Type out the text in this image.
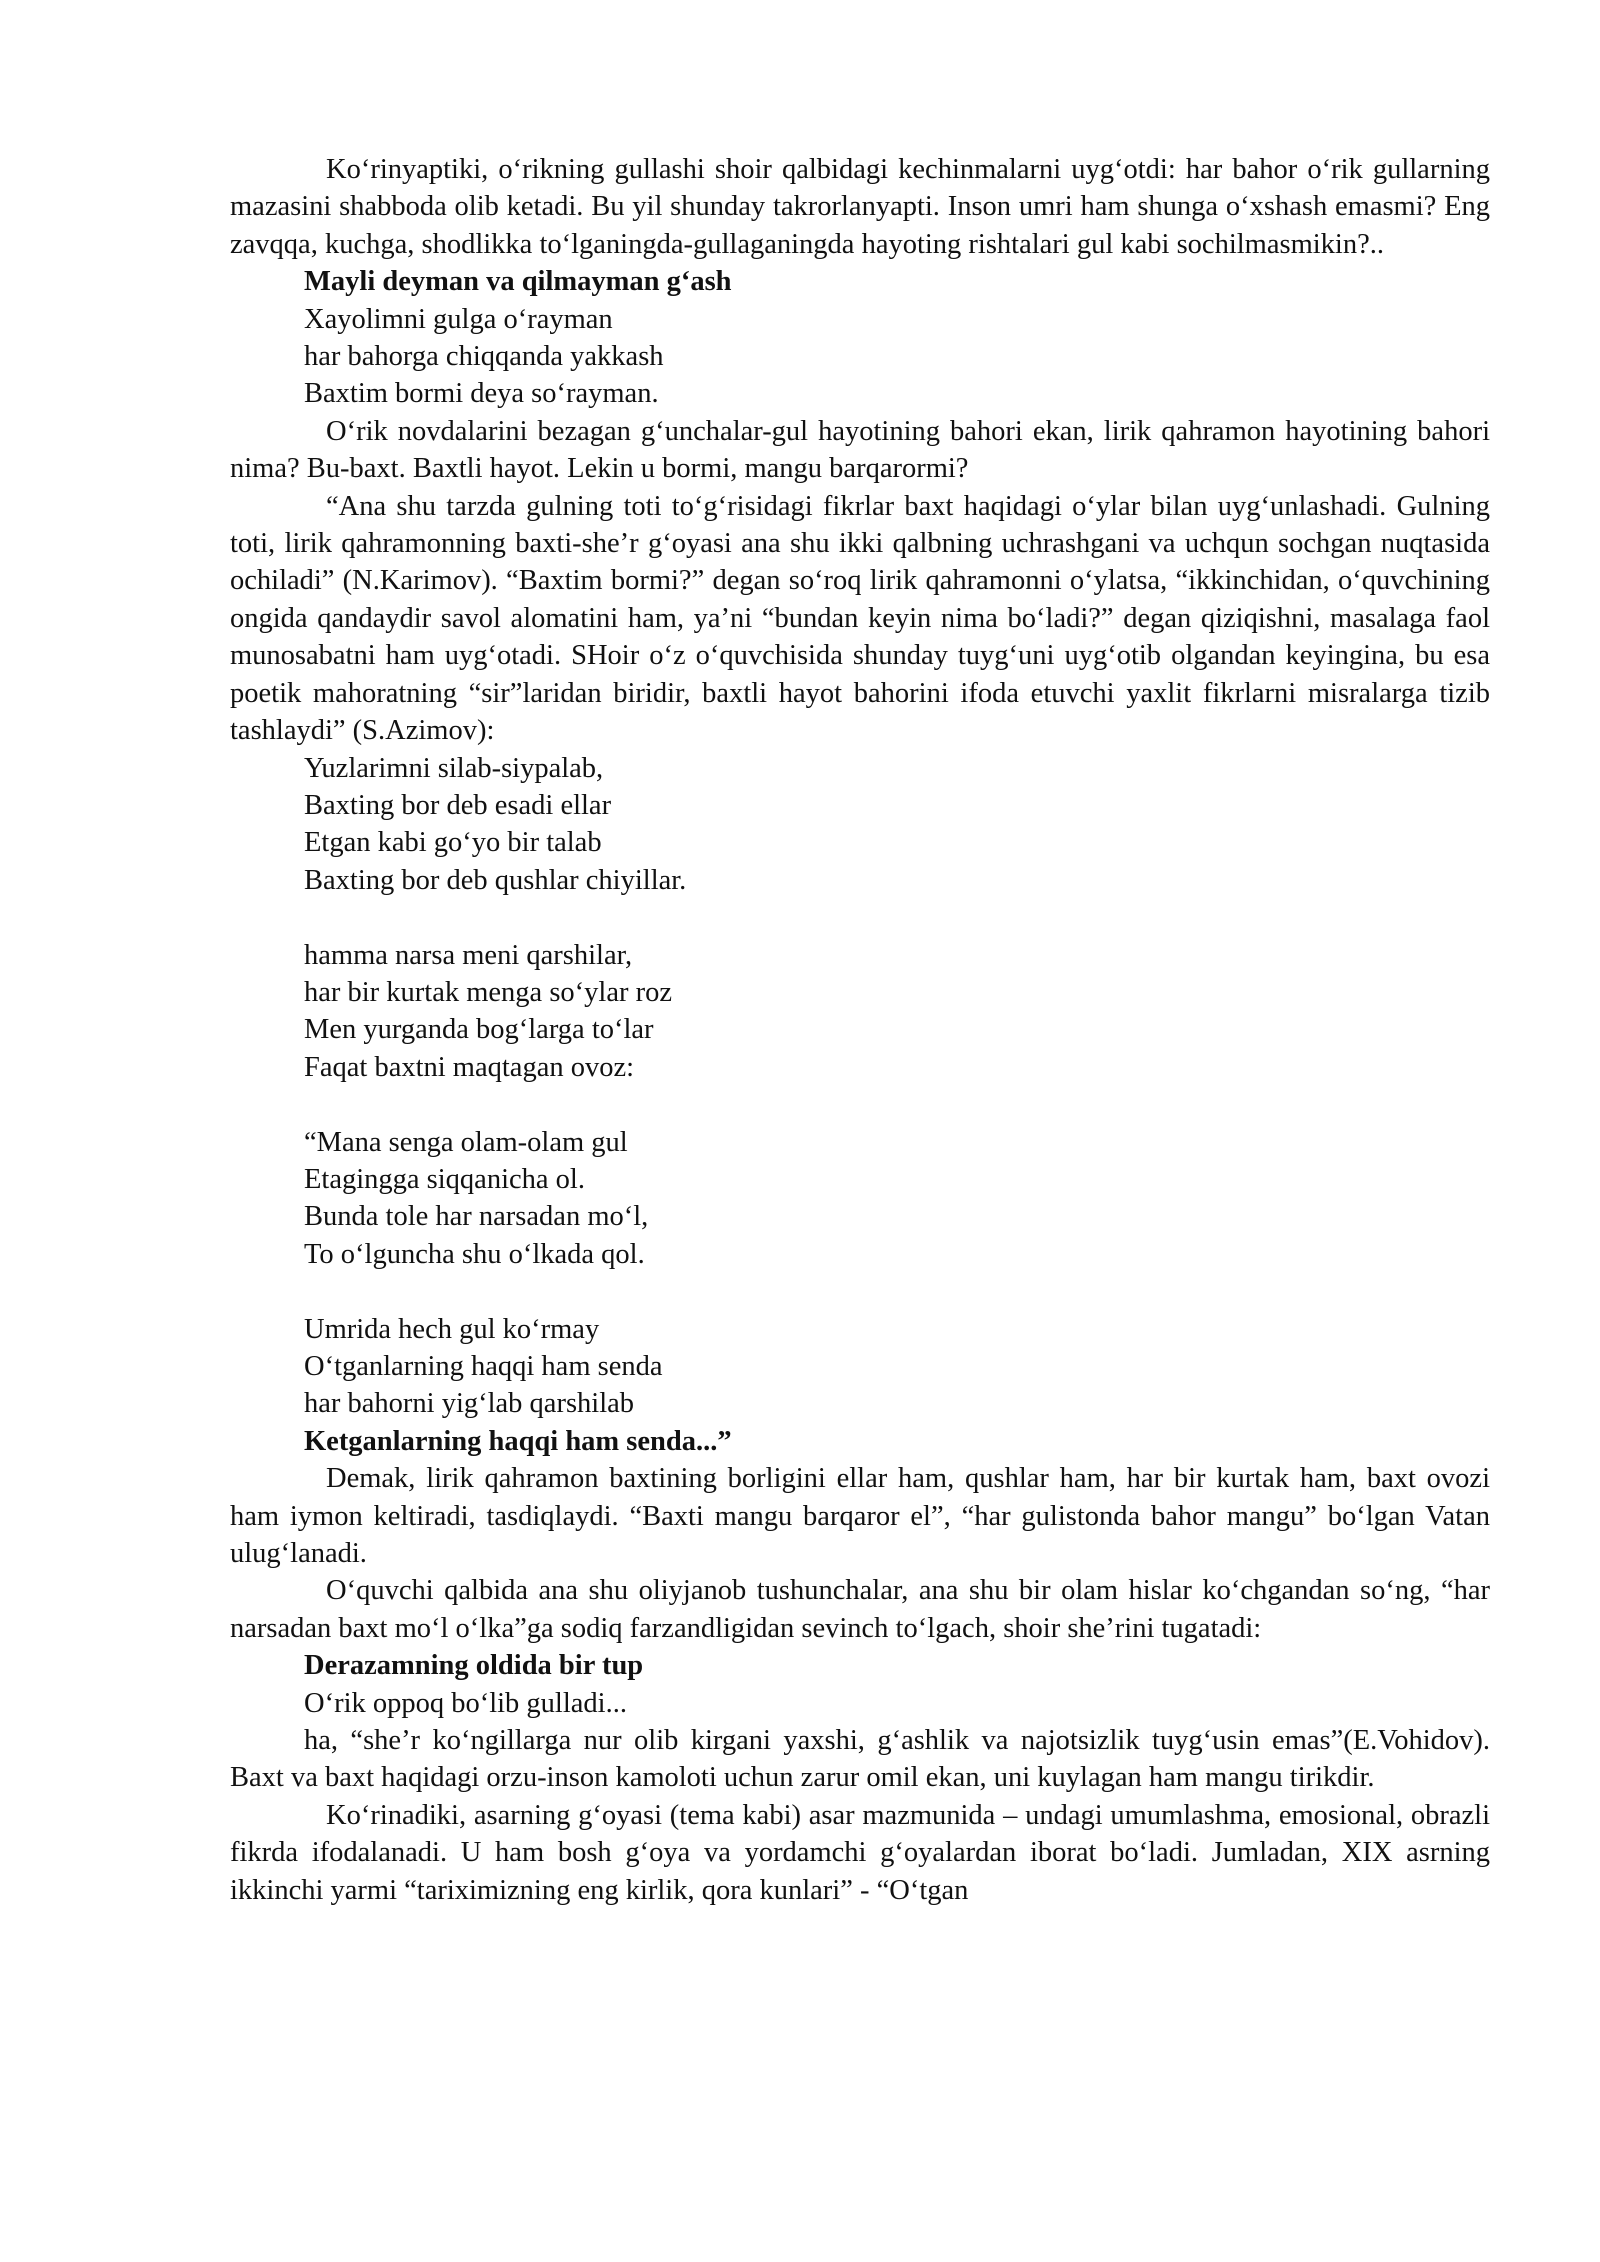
Ko‘rinyaptiki, o‘rikning gullashi shoir qalbidagi kechinmalarni uyg‘otdi: har bahor o‘rik gullarning mazasini shabboda olib ketadi. Bu yil shunday takrorlanyapti. Inson umri ham shunga o‘xshash emasmi? Eng zavqqa, kuchga, shodlikka to‘lganingda-gullaganingda hayoting rishtalari gul kabi sochilmasmikin?..

Mayli deyman va qilmayman g‘ash
Xayolimni gulga o‘rayman
har bahorga chiqqanda yakkash
Baxtim bormi deya so‘rayman.

O‘rik novdalarini bezagan g‘unchalar-gul hayotining bahori ekan, lirik qahramon hayotining bahori nima? Bu-baxt. Baxtli hayot. Lekin u bormi, mangu barqarormi?

“Ana shu tarzda gulning toti to‘g‘risidagi fikrlar baxt haqidagi o‘ylar bilan uyg‘unlashadi. Gulning toti, lirik qahramonning baxti-she’r g‘oyasi ana shu ikki qalbning uchrashgani va uchqun sochgan nuqtasida ochiladi” (N.Karimov). “Baxtim bormi?” degan so‘roq lirik qahramonni o‘ylatsa, “ikkinchidan, o‘quvchining ongida qandaydir savol alomatini ham, ya’ni “bundan keyin nima bo‘ladi?” degan qiziqishni, masalaga faol munosabatni ham uyg‘otadi. SHoir o‘z o‘quvchisida shunday tuyg‘uni uyg‘otib olgandan keyingina, bu esa poetik mahoratning “sir”laridan biridir, baxtli hayot bahorini ifoda etuvchi yaxlit fikrlarni misralarga tizib tashlaydi” (S.Azimov):

Yuzlarimni silab-siypalab,
Baxting bor deb esadi ellar
Etgan kabi go‘yo bir talab
Baxting bor deb qushlar chiyillar.
hamma narsa meni qarshilar,
har bir kurtak menga so‘ylar roz
Men yurganda bog‘larga to‘lar
Faqat baxtni maqtagan ovoz:
“Mana senga olam-olam gul
Etagingga siqqanicha ol.
Bunda tole har narsadan mo‘l,
To o‘lguncha shu o‘lkada qol.
Umrida hech gul ko‘rmay
O‘tganlarning haqqi ham senda
har bahorni yig‘lab qarshilab
Ketganlarning haqqi ham senda...”

Demak, lirik qahramon baxtining borligini ellar ham, qushlar ham, har bir kurtak ham, baxt ovozi ham iymon keltiradi, tasdiqlaydi. “Baxti mangu barqaror el”, “har gulistonda bahor mangu” bo‘lgan Vatan ulug‘lanadi.

O‘quvchi qalbida ana shu oliyjanob tushunchalar, ana shu bir olam hislar ko‘chgandan so‘ng, “har narsadan baxt mo‘l o‘lka”ga sodiq farzandligidan sevinch to‘lgach, shoir she’rini tugatadi:

Derazamning oldida bir tup
O‘rik oppoq bo‘lib gulladi...

ha, “she’r ko‘ngillarga nur olib kirgani yaxshi, g‘ashlik va najotsizlik tuyg‘usin emas”(E.Vohidov). Baxt va baxt haqidagi orzu-inson kamoloti uchun zarur omil ekan, uni kuylagan ham mangu tirikdir.

Ko‘rinadiki, asarning g‘oyasi (tema kabi) asar mazmunida – undagi umumlashma, emosional, obrazli fikrda ifodalanadi. U ham bosh g‘oya va yordamchi g‘oyalardan iborat bo‘ladi. Jumladan, XIX asrning ikkinchi yarmi “tariximizning eng kirlik, qora kunlari” - “O‘tgan
